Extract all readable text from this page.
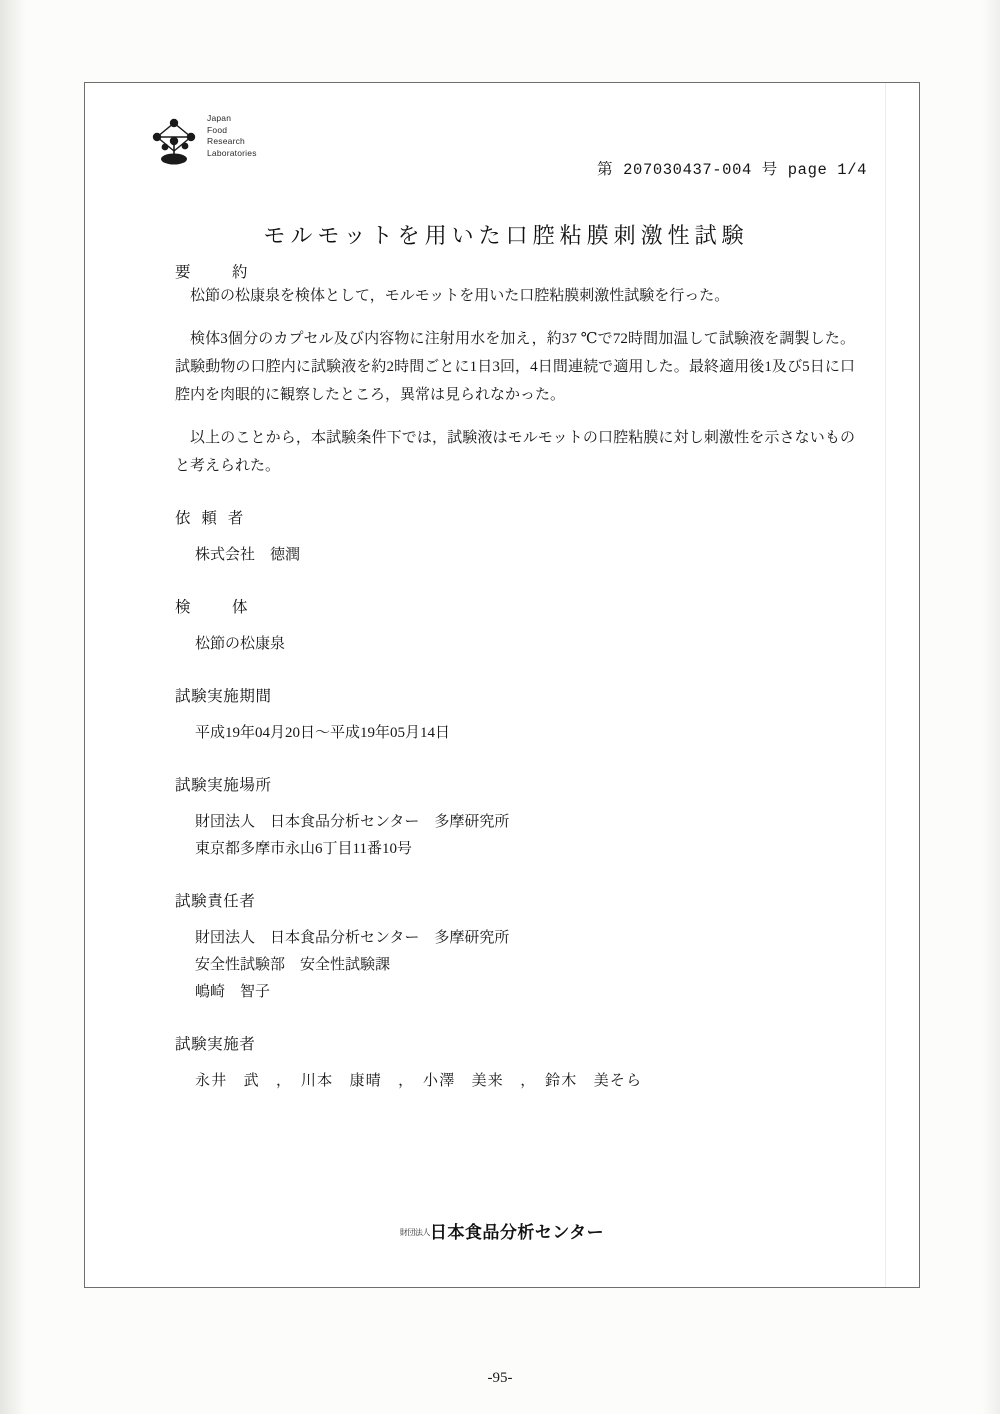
Japan
Food
Research
Laboratories
第 207030437-004 号 page 1/4
モルモットを用いた口腔粘膜刺激性試験
要　　約

松節の松康泉を検体として，モルモットを用いた口腔粘膜刺激性試験を行った。

検体3個分のカプセル及び内容物に注射用水を加え，約37 ℃で72時間加温して試験液を調製した。試験動物の口腔内に試験液を約2時間ごとに1日3回，4日間連続で適用した。最終適用後1及び5日に口腔内を肉眼的に観察したところ，異常は見られなかった。

以上のことから，本試験条件下では，試験液はモルモットの口腔粘膜に対し刺激性を示さないものと考えられた。

依 頼 者
株式会社　徳潤
検　　体
松節の松康泉
試験実施期間
平成19年04月20日～平成19年05月14日
試験実施場所
財団法人　日本食品分析センター　多摩研究所
東京都多摩市永山6丁目11番10号
試験責任者
財団法人　日本食品分析センター　多摩研究所
安全性試験部　安全性試験課
嶋崎　智子
試験実施者
永井　武　，　川本　康晴　，　小澤　美来　，　鈴木　美そら
財団法人日本食品分析センター
-95-
